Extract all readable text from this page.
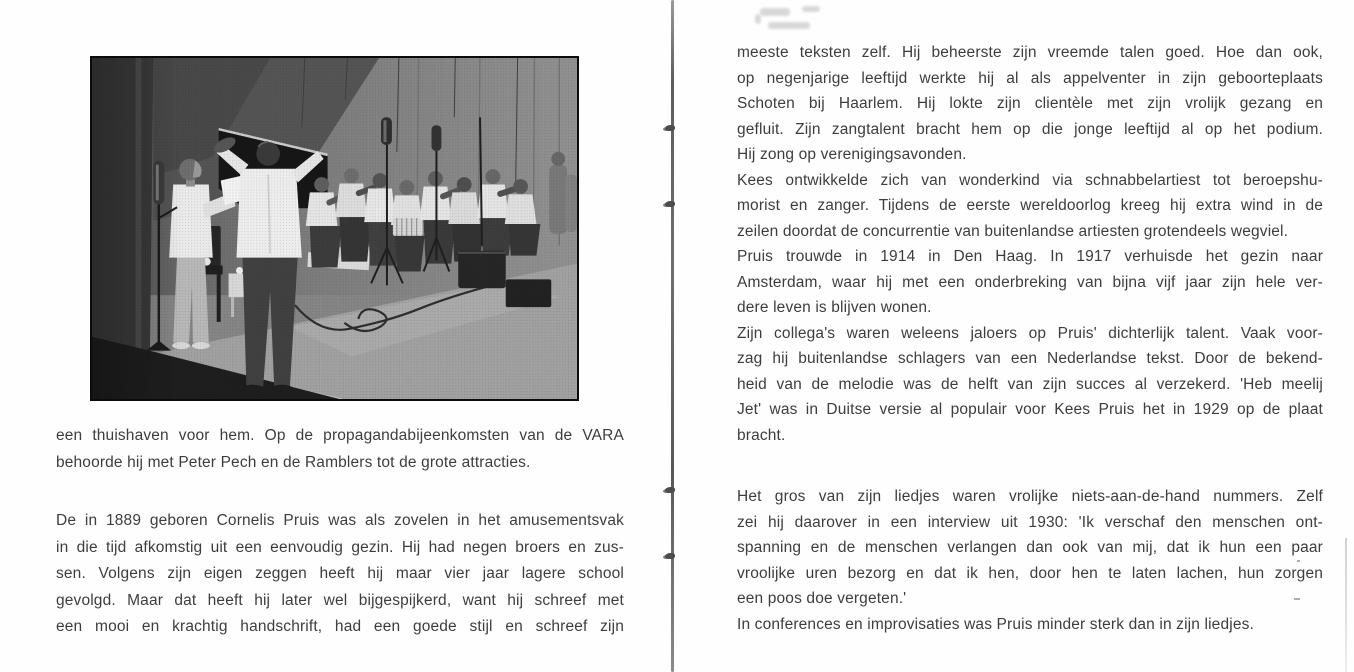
een thuishaven voor hem. Op de propagandabijeenkomsten van de VARA
behoorde hij met Peter Pech en de Ramblers tot de grote attracties.
De in 1889 geboren Cornelis Pruis was als zovelen in het amusementsvak
in die tijd afkomstig uit een eenvoudig gezin. Hij had negen broers en zus-
sen. Volgens zijn eigen zeggen heeft hij maar vier jaar lagere school
gevolgd. Maar dat heeft hij later wel bijgespijkerd, want hij schreef met
een mooi en krachtig handschrift, had een goede stijl en schreef zijn
meeste teksten zelf. Hij beheerste zijn vreemde talen goed. Hoe dan ook,
op negenjarige leeftijd werkte hij al als appelventer in zijn geboorteplaats
Schoten bij Haarlem. Hij lokte zijn clientèle met zijn vrolijk gezang en
gefluit. Zijn zangtalent bracht hem op die jonge leeftijd al op het podium.
Hij zong op verenigingsavonden.
Kees ontwikkelde zich van wonderkind via schnabbelartiest tot beroepshu-
morist en zanger. Tijdens de eerste wereldoorlog kreeg hij extra wind in de
zeilen doordat de concurrentie van buitenlandse artiesten grotendeels wegviel.
Pruis trouwde in 1914 in Den Haag. In 1917 verhuisde het gezin naar
Amsterdam, waar hij met een onderbreking van bijna vijf jaar zijn hele ver-
dere leven is blijven wonen.
Zijn collega's waren weleens jaloers op Pruis' dichterlijk talent. Vaak voor-
zag hij buitenlandse schlagers van een Nederlandse tekst. Door de bekend-
heid van de melodie was de helft van zijn succes al verzekerd. 'Heb meelij
Jet' was in Duitse versie al populair voor Kees Pruis het in 1929 op de plaat
bracht.
Het gros van zijn liedjes waren vrolijke niets-aan-de-hand nummers. Zelf
zei hij daarover in een interview uit 1930: 'Ik verschaf den menschen ont-
spanning en de menschen verlangen dan ook van mij, dat ik hun een paar
vroolijke uren bezorg en dat ik hen, door hen te laten lachen, hun zorgen
een poos doe vergeten.'
In conferences en improvisaties was Pruis minder sterk dan in zijn liedjes.
